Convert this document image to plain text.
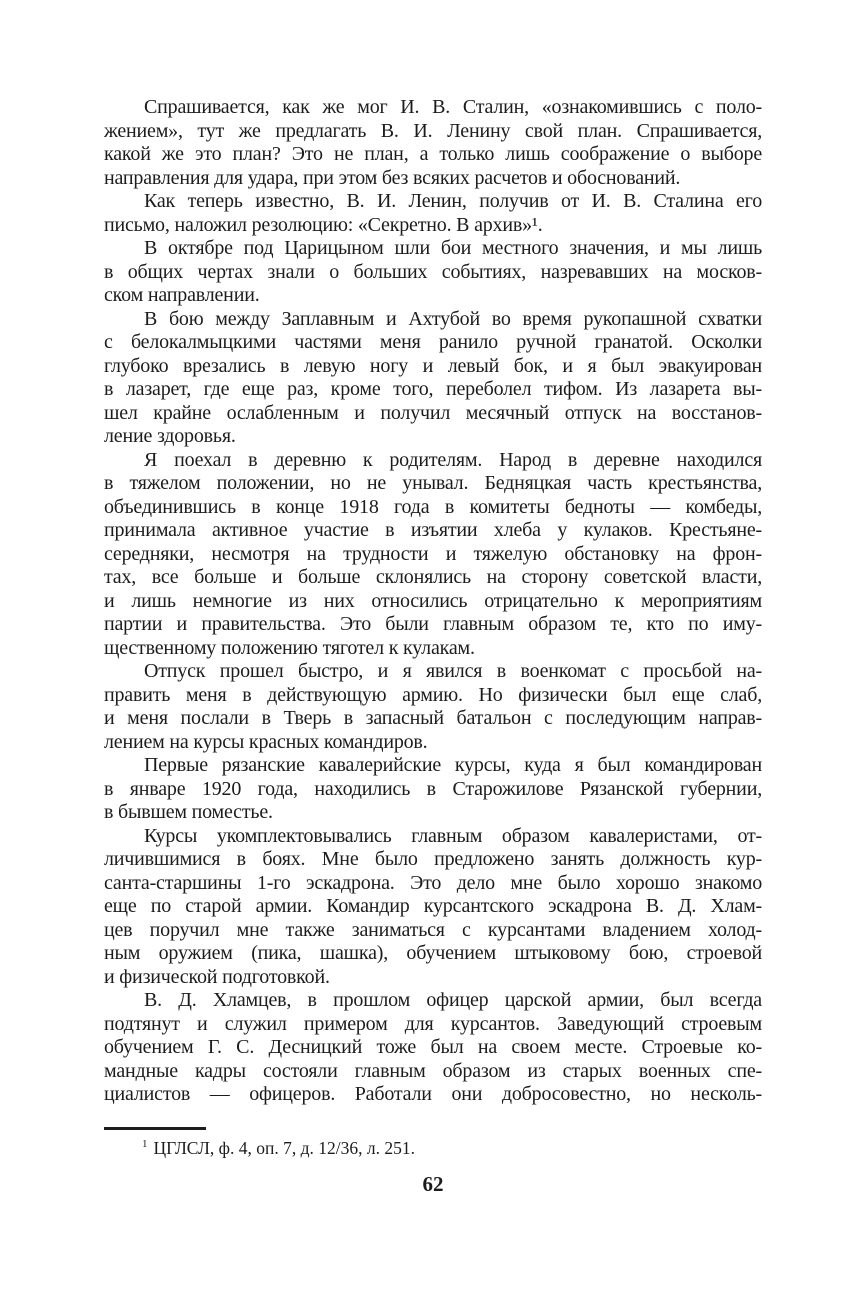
Спрашивается, как же мог И. В. Сталин, «ознакомившись с поло-
жением», тут же предлагать В. И. Ленину свой план. Спрашивается,
какой же это план? Это не план, а только лишь соображение о выборе
направления для удара, при этом без всяких расчетов и обоснований.
Как теперь известно, В. И. Ленин, получив от И. В. Сталина его
письмо, наложил резолюцию: «Секретно. В архив»¹.
В октябре под Царицыном шли бои местного значения, и мы лишь
в общих чертах знали о больших событиях, назревавших на москов-
ском направлении.
В бою между Заплавным и Ахтубой во время рукопашной схватки
с белокалмыцкими частями меня ранило ручной гранатой. Осколки
глубоко врезались в левую ногу и левый бок, и я был эвакуирован
в лазарет, где еще раз, кроме того, переболел тифом. Из лазарета вы-
шел крайне ослабленным и получил месячный отпуск на восстанов-
ление здоровья.
Я поехал в деревню к родителям. Народ в деревне находился
в тяжелом положении, но не унывал. Бедняцкая часть крестьянства,
объединившись в конце 1918 года в комитеты бедноты — комбеды,
принимала активное участие в изъятии хлеба у кулаков. Крестьяне-
середняки, несмотря на трудности и тяжелую обстановку на фрон-
тах, все больше и больше склонялись на сторону советской власти,
и лишь немногие из них относились отрицательно к мероприятиям
партии и правительства. Это были главным образом те, кто по иму-
щественному положению тяготел к кулакам.
Отпуск прошел быстро, и я явился в военкомат с просьбой на-
править меня в действующую армию. Но физически был еще слаб,
и меня послали в Тверь в запасный батальон с последующим направ-
лением на курсы красных командиров.
Первые рязанские кавалерийские курсы, куда я был командирован
в январе 1920 года, находились в Старожилове Рязанской губернии,
в бывшем поместье.
Курсы укомплектовывались главным образом кавалеристами, от-
личившимися в боях. Мне было предложено занять должность кур-
санта-старшины 1-го эскадрона. Это дело мне было хорошо знакомо
еще по старой армии. Командир курсантского эскадрона В. Д. Хлам-
цев поручил мне также заниматься с курсантами владением холод-
ным оружием (пика, шашка), обучением штыковому бою, строевой
и физической подготовкой.
В. Д. Хламцев, в прошлом офицер царской армии, был всегда
подтянут и служил примером для курсантов. Заведующий строевым
обучением Г. С. Десницкий тоже был на своем месте. Строевые ко-
мандные кадры состояли главным образом из старых военных спе-
циалистов — офицеров. Работали они добросовестно, но несколь-
$^1$ ЦГЛСЛ, ф. 4, оп. 7, д. 12/36, л. 251.
62
